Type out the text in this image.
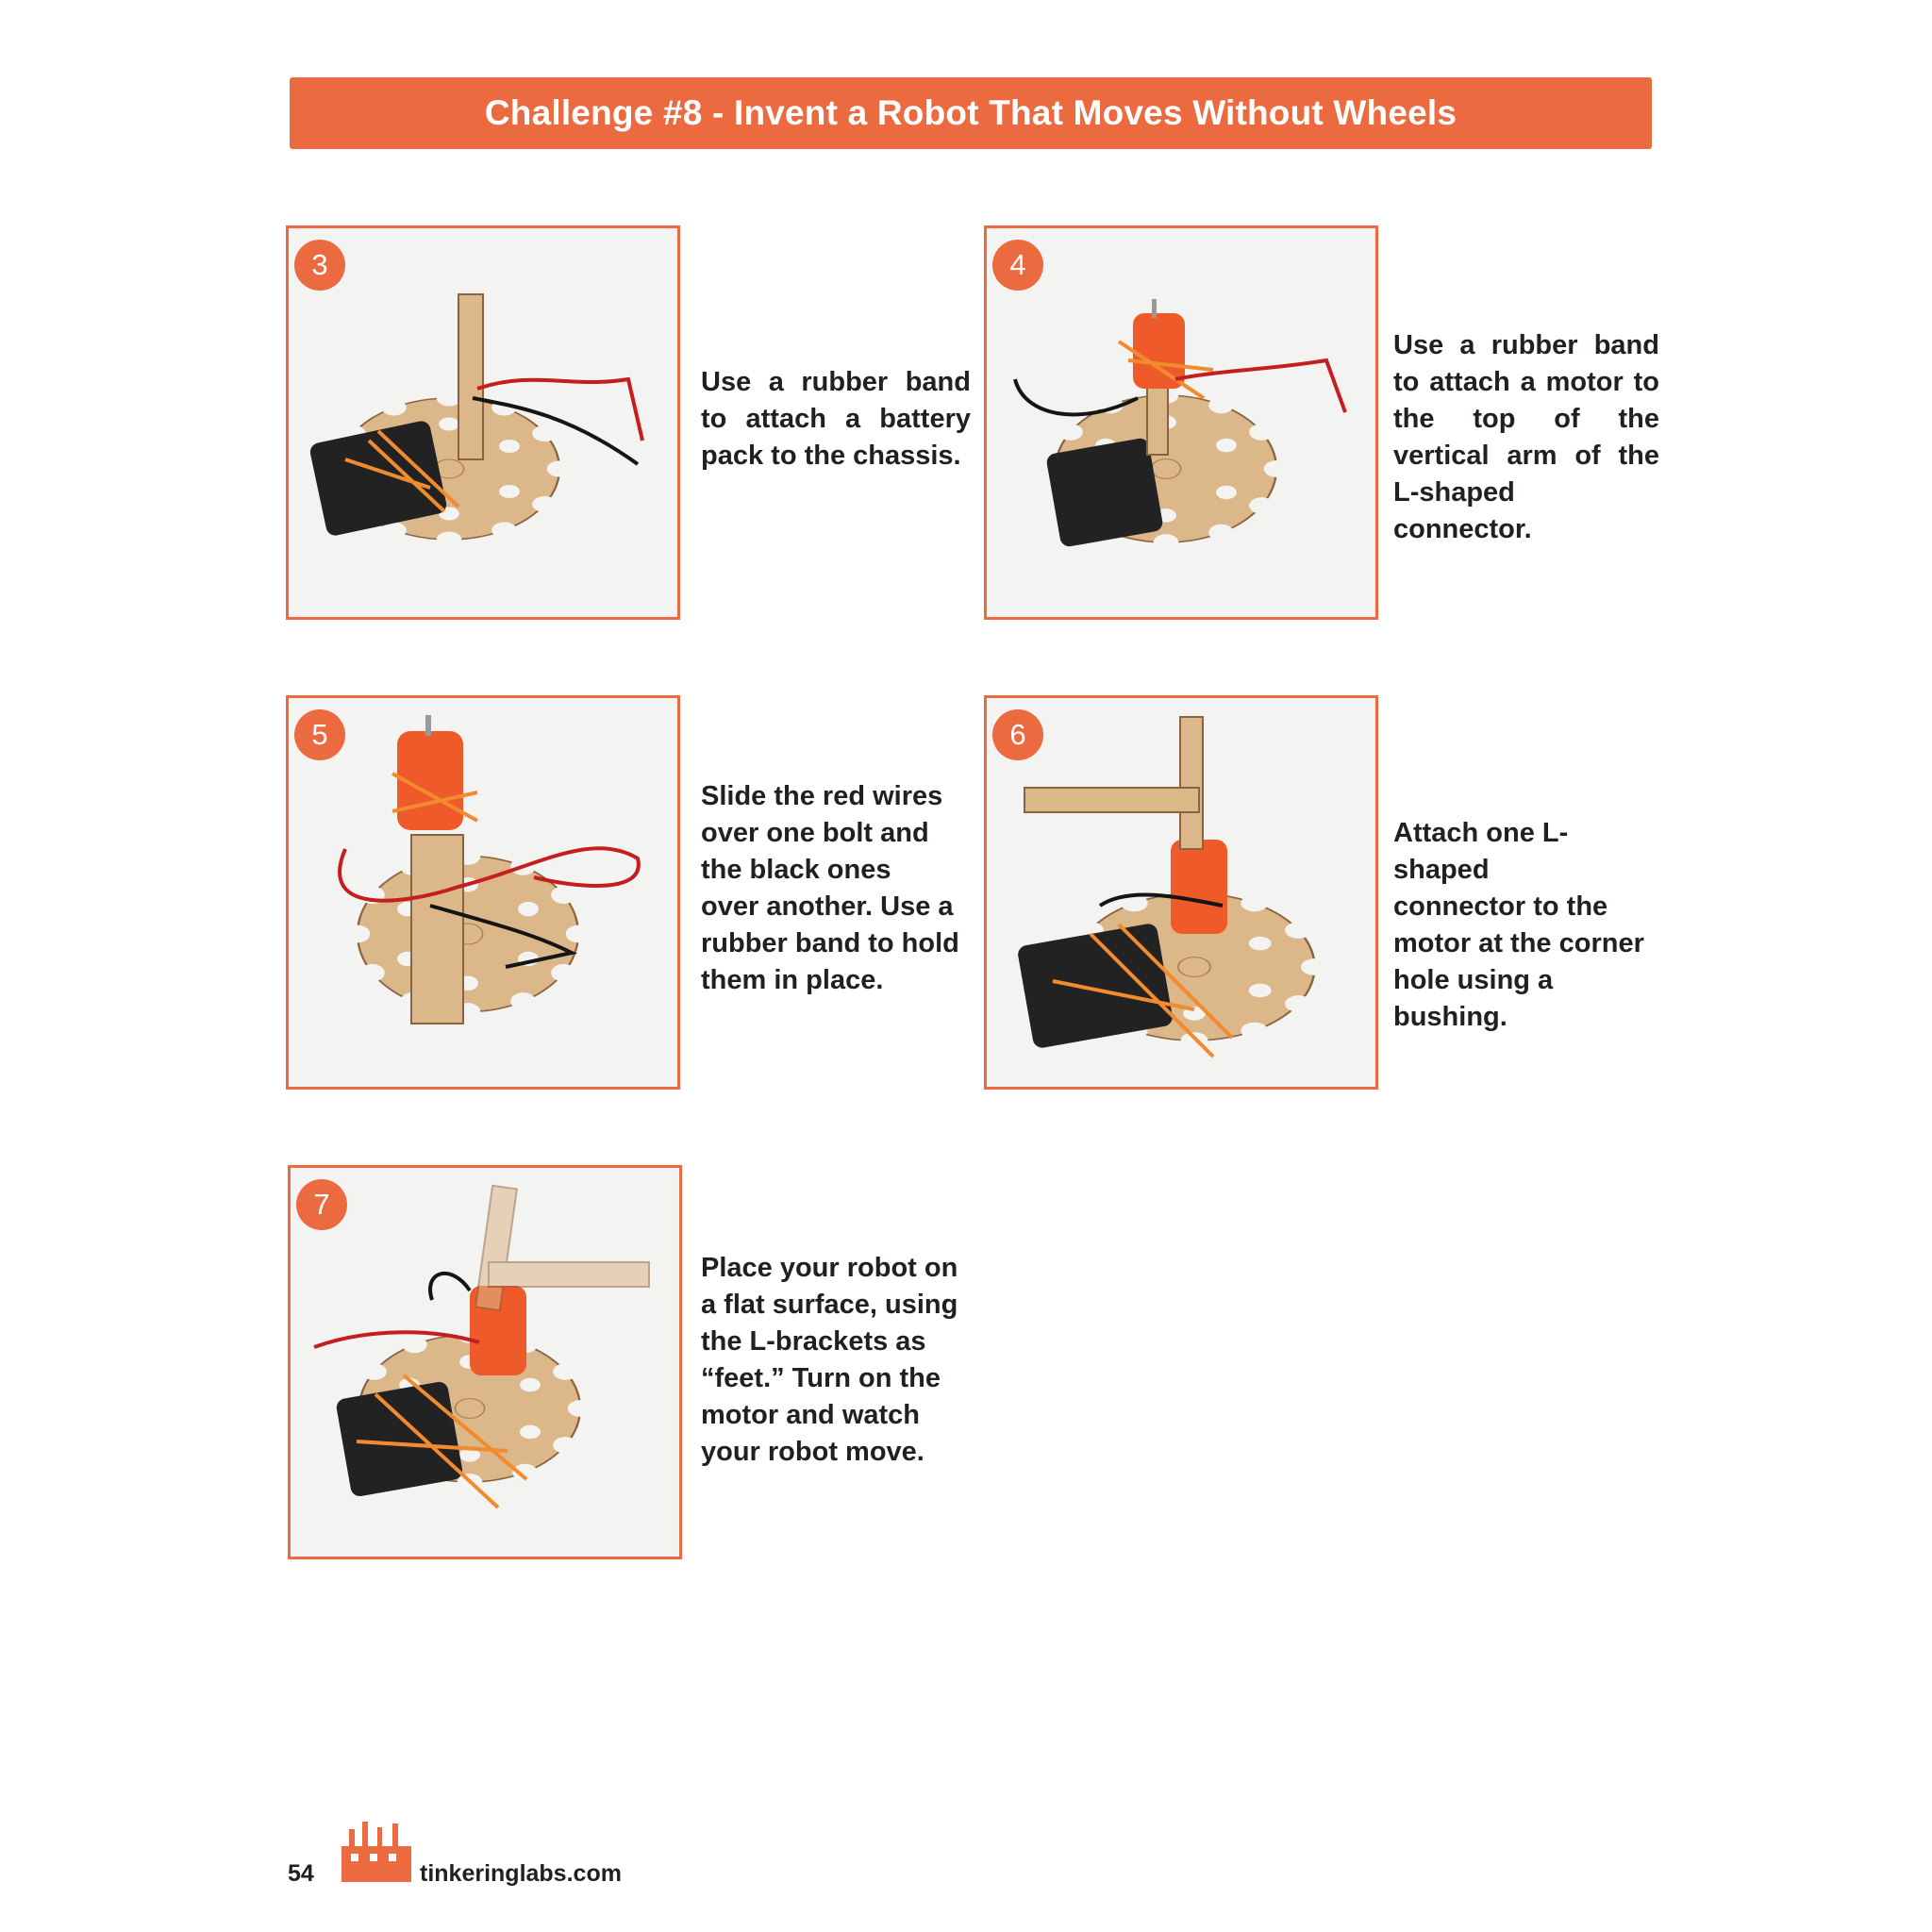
Challenge #8 - Invent a Robot That Moves Without Wheels
3
Use a rubber band to attach a battery pack to the chassis.
4
Use a rubber band to attach a motor to the top of the vertical arm of the L-shaped connector.
5
Slide the red wires
over one bolt and
the black ones
over another. Use a
rubber band to hold
them in place.
6
Attach one L-shaped
connector to the
motor at the corner
hole using a bushing.
7
Place your robot on
a flat surface, using
the L-brackets as
“feet.” Turn on the
motor and watch
your robot move.
54	tinkeringlabs.com
